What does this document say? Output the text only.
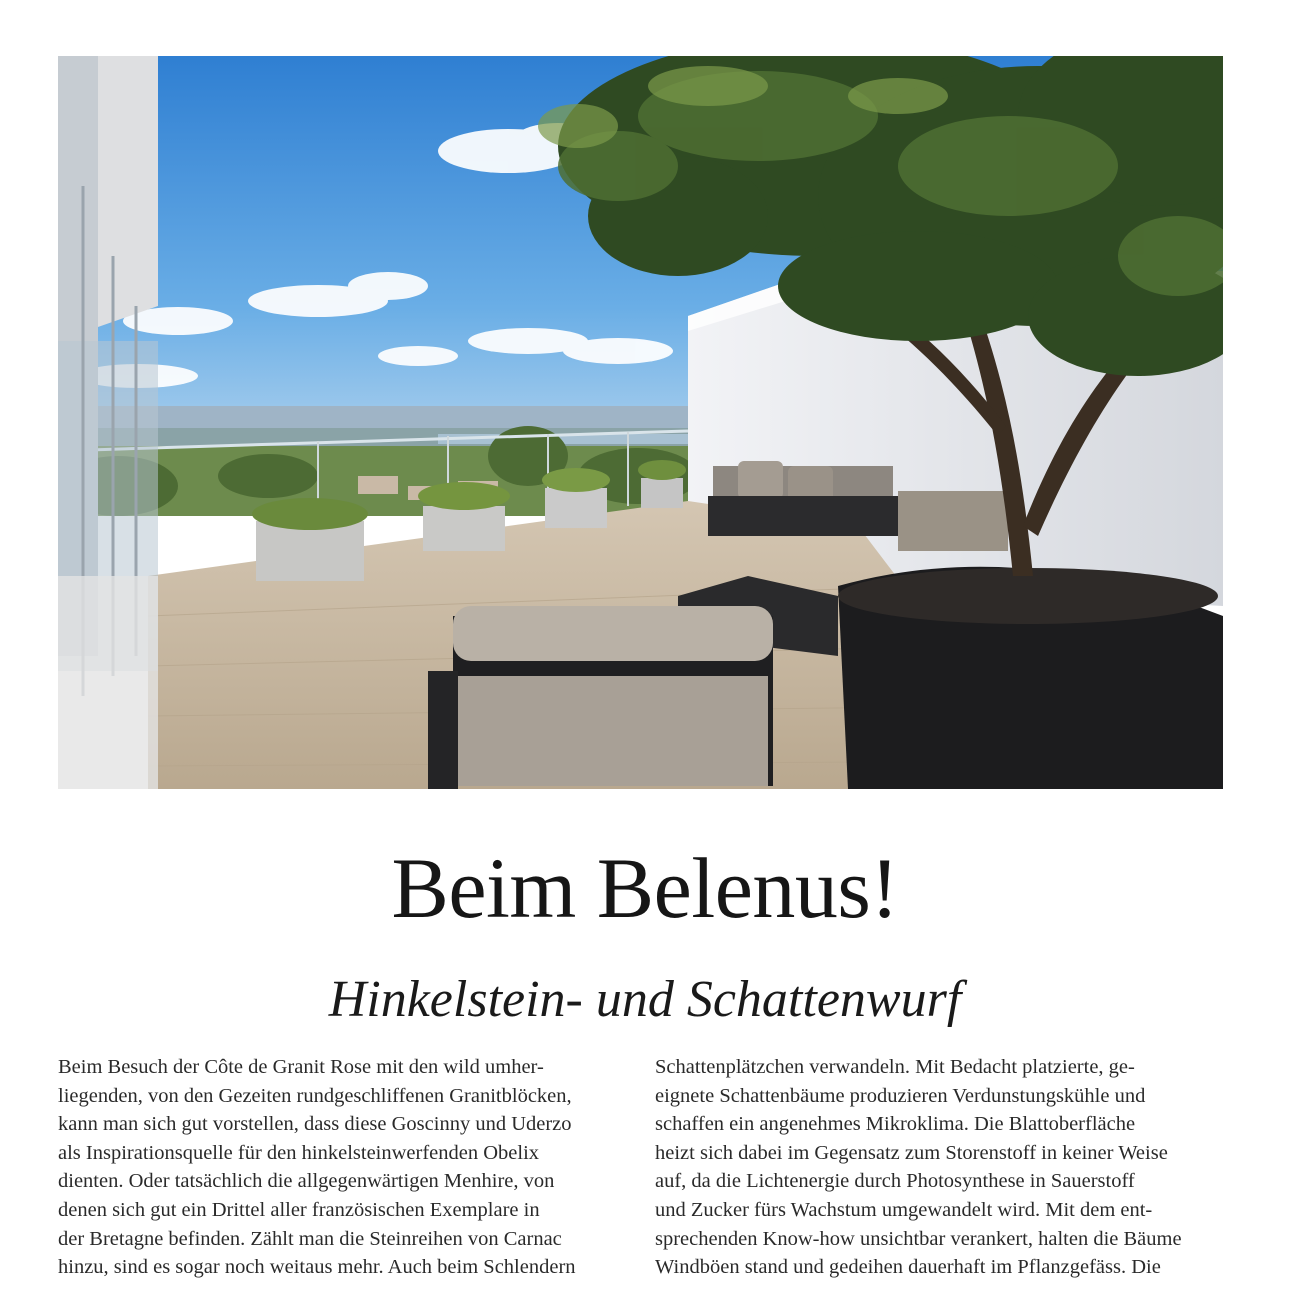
Beim Belenus!
Hinkelstein- und Schattenwurf
Beim Besuch der Côte de Granit Rose mit den wild umher-
liegenden, von den Gezeiten rundgeschliffenen Granitblöcken,
kann man sich gut vorstellen, dass diese Goscinny und Uderzo
als Inspirationsquelle für den hinkelsteinwerfenden Obelix
dienten. Oder tatsächlich die allgegenwärtigen Menhire, von
denen sich gut ein Drittel aller französischen Exemplare in
der Bretagne befinden. Zählt man die Steinreihen von Carnac
hinzu, sind es sogar noch weitaus mehr. Auch beim Schlendern
Schattenplätzchen verwandeln. Mit Bedacht platzierte, ge-
eignete Schattenbäume produzieren Verdunstungskühle und
schaffen ein angenehmes Mikroklima. Die Blattoberfläche
heizt sich dabei im Gegensatz zum Storenstoff in keiner Weise
auf, da die Lichtenergie durch Photosynthese in Sauerstoff
und Zucker fürs Wachstum umgewandelt wird. Mit dem ent-
sprechenden Know-how unsichtbar verankert, halten die Bäume
Windböen stand und gedeihen dauerhaft im Pflanzgefäss. Die
